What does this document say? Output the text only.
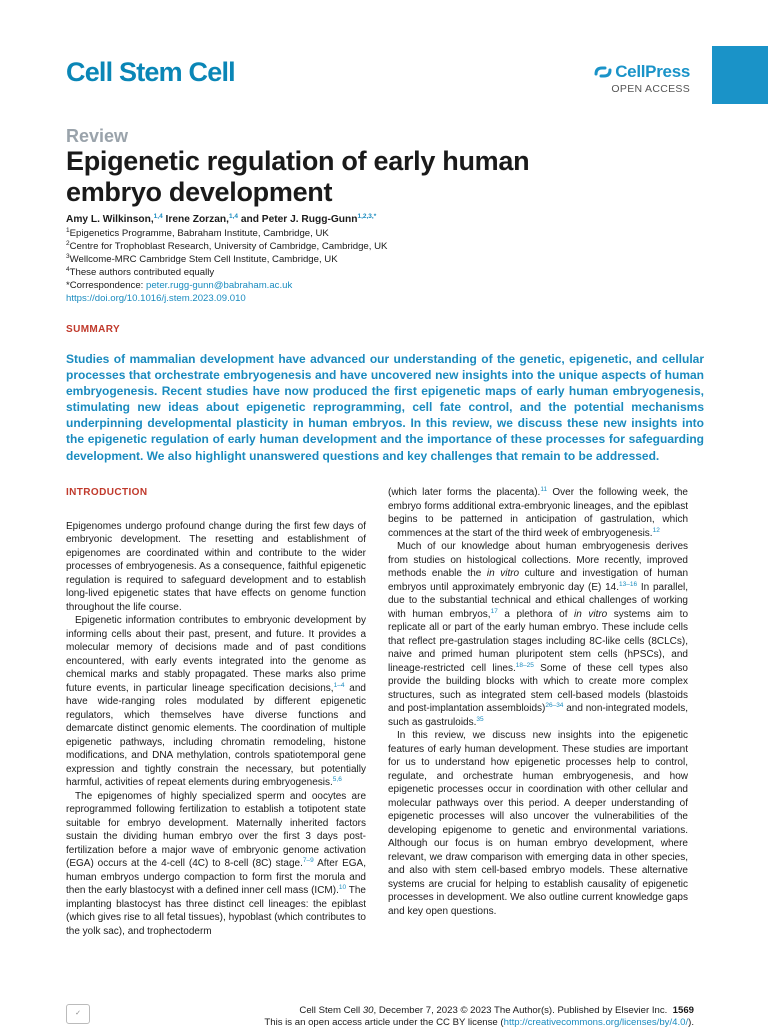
Cell Stem Cell	CellPress
OPEN ACCESS
Review
Epigenetic regulation of early human embryo development
Amy L. Wilkinson,$^{1,4}$ Irene Zorzan,$^{1,4}$ and Peter J. Rugg-Gunn$^{1,2,3,*}$
$^1$Epigenetics Programme, Babraham Institute, Cambridge, UK
$^2$Centre for Trophoblast Research, University of Cambridge, Cambridge, UK
$^3$Wellcome-MRC Cambridge Stem Cell Institute, Cambridge, UK
$^4$These authors contributed equally
*Correspondence: peter.rugg-gunn@babraham.ac.uk
https://doi.org/10.1016/j.stem.2023.09.010
SUMMARY

Studies of mammalian development have advanced our understanding of the genetic, epigenetic, and cellular processes that orchestrate embryogenesis and have uncovered new insights into the unique aspects of human embryogenesis. Recent studies have now produced the first epigenetic maps of early human embryogenesis, stimulating new ideas about epigenetic reprogramming, cell fate control, and the potential mechanisms underpinning developmental plasticity in human embryos. In this review, we discuss these new insights into the epigenetic regulation of early human development and the importance of these processes for safeguarding development. We also highlight unanswered questions and key challenges that remain to be addressed.

INTRODUCTION

Epigenomes undergo profound change during the first few days of embryonic development. The resetting and establishment of epigenomes are coordinated within and contribute to the wider processes of embryogenesis. As a consequence, faithful epigenetic regulation is required to safeguard development and to establish long-lived epigenetic states that have effects on genome function throughout the life course.

Epigenetic information contributes to embryonic development by informing cells about their past, present, and future. It provides a molecular memory of decisions made and of past conditions encountered, with early events integrated into the genome as chemical marks and stably propagated. These marks also prime future events, in particular lineage specification decisions,$^{1-4}$ and have wide-ranging roles modulated by different epigenetic regulators, which themselves have diverse functions and demarcate distinct genomic elements. The coordination of multiple epigenetic pathways, including chromatin remodeling, histone modifications, and DNA methylation, controls spatiotemporal gene expression and tightly constrain the necessary, but potentially harmful, activities of repeat elements during embryogenesis.$^{5,6}$

The epigenomes of highly specialized sperm and oocytes are reprogrammed following fertilization to establish a totipotent state suitable for embryo development. Maternally inherited factors sustain the dividing human embryo over the first 3 days post-fertilization before a major wave of embryonic genome activation (EGA) occurs at the 4-cell (4C) to 8-cell (8C) stage.$^{7-9}$ After EGA, human embryos undergo compaction to form first the morula and then the early blastocyst with a defined inner cell mass (ICM).$^{10}$ The implanting blastocyst has three distinct cell lineages: the epiblast (which gives rise to all fetal tissues), hypoblast (which contributes to the yolk sac), and trophectoderm

(which later forms the placenta).$^{11}$ Over the following week, the embryo forms additional extra-embryonic lineages, and the epiblast begins to be patterned in anticipation of gastrulation, which commences at the start of the third week of embryogenesis.$^{12}$

Much of our knowledge about human embryogenesis derives from studies on histological collections. More recently, improved methods enable the in vitro culture and investigation of human embryos until approximately embryonic day (E) 14.$^{13-16}$ In parallel, due to the substantial technical and ethical challenges of working with human embryos,$^{17}$ a plethora of in vitro systems aim to replicate all or part of the early human embryo. These include cells that reflect pre-gastrulation stages including 8C-like cells (8CLCs), naive and primed human pluripotent stem cells (hPSCs), and lineage-restricted cell lines.$^{18-25}$ Some of these cell types also provide the building blocks with which to create more complex structures, such as integrated stem cell-based models (blastoids and post-implantation assembloids)$^{26-34}$ and non-integrated models, such as gastruloids.$^{35}$

In this review, we discuss new insights into the epigenetic features of early human development. These studies are important for us to understand how epigenetic processes help to control, regulate, and orchestrate human embryogenesis, and how epigenetic processes occur in coordination with other cellular and molecular pathways over this period. A deeper understanding of epigenetic processes will also uncover the vulnerabilities of the developing epigenome to genetic and environmental variations. Although our focus is on human embryo development, where relevant, we draw comparison with emerging data in other species, and also with stem cell-based embryo models. These alternative systems are crucial for helping to establish causality of epigenetic processes in development. We also outline current knowledge gaps and key open questions.

✓	Cell Stem Cell 30, December 7, 2023 © 2023 The Author(s). Published by Elsevier Inc. 1569
This is an open access article under the CC BY license (http://creativecommons.org/licenses/by/4.0/).
